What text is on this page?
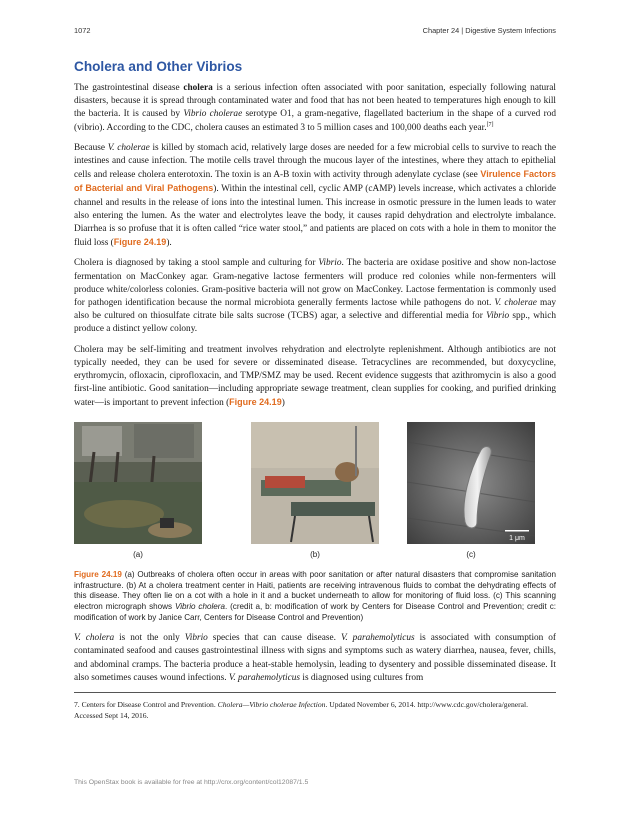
1072	Chapter 24 | Digestive System Infections
Cholera and Other Vibrios

The gastrointestinal disease cholera is a serious infection often associated with poor sanitation, especially following natural disasters, because it is spread through contaminated water and food that has not been heated to temperatures high enough to kill the bacteria. It is caused by Vibrio cholerae serotype O1, a gram-negative, flagellated bacterium in the shape of a curved rod (vibrio). According to the CDC, cholera causes an estimated 3 to 5 million cases and 100,000 deaths each year.[7]

Because V. cholerae is killed by stomach acid, relatively large doses are needed for a few microbial cells to survive to reach the intestines and cause infection. The motile cells travel through the mucous layer of the intestines, where they attach to epithelial cells and release cholera enterotoxin. The toxin is an A-B toxin with activity through adenylate cyclase (see Virulence Factors of Bacterial and Viral Pathogens). Within the intestinal cell, cyclic AMP (cAMP) levels increase, which activates a chloride channel and results in the release of ions into the intestinal lumen. This increase in osmotic pressure in the lumen leads to water also entering the lumen. As the water and electrolytes leave the body, it causes rapid dehydration and electrolyte imbalance. Diarrhea is so profuse that it is often called “rice water stool,” and patients are placed on cots with a hole in them to monitor the fluid loss (Figure 24.19).

Cholera is diagnosed by taking a stool sample and culturing for Vibrio. The bacteria are oxidase positive and show non-lactose fermentation on MacConkey agar. Gram-negative lactose fermenters will produce red colonies while non-fermenters will produce white/colorless colonies. Gram-positive bacteria will not grow on MacConkey. Lactose fermentation is commonly used for pathogen identification because the normal microbiota generally ferments lactose while pathogens do not. V. cholerae may also be cultured on thiosulfate citrate bile salts sucrose (TCBS) agar, a selective and differential media for Vibrio spp., which produce a distinct yellow colony.

Cholera may be self-limiting and treatment involves rehydration and electrolyte replenishment. Although antibiotics are not typically needed, they can be used for severe or disseminated disease. Tetracyclines are recommended, but doxycycline, erythromycin, ofloxacin, ciprofloxacin, and TMP/SMZ may be used. Recent evidence suggests that azithromycin is also a good first-line antibiotic. Good sanitation—including appropriate sewage treatment, clean supplies for cooking, and purified drinking water—is important to prevent infection (Figure 24.19)

1 μm
(a)	(b)	(c)

Figure 24.19 (a) Outbreaks of cholera often occur in areas with poor sanitation or after natural disasters that compromise sanitation infrastructure. (b) At a cholera treatment center in Haiti, patients are receiving intravenous fluids to combat the dehydrating effects of this disease. They often lie on a cot with a hole in it and a bucket underneath to allow for monitoring of fluid loss. (c) This scanning electron micrograph shows Vibrio cholera. (credit a, b: modification of work by Centers for Disease Control and Prevention; credit c: modification of work by Janice Carr, Centers for Disease Control and Prevention)

V. cholera is not the only Vibrio species that can cause disease. V. parahemolyticus is associated with consumption of contaminated seafood and causes gastrointestinal illness with signs and symptoms such as watery diarrhea, nausea, fever, chills, and abdominal cramps. The bacteria produce a heat-stable hemolysin, leading to dysentery and possible disseminated disease. It also sometimes causes wound infections. V. parahemolyticus is diagnosed using cultures from

7. Centers for Disease Control and Prevention. Cholera—Vibrio cholerae Infection. Updated November 6, 2014. http://www.cdc.gov/cholera/general. Accessed Sept 14, 2016.

This OpenStax book is available for free at http://cnx.org/content/col12087/1.5
